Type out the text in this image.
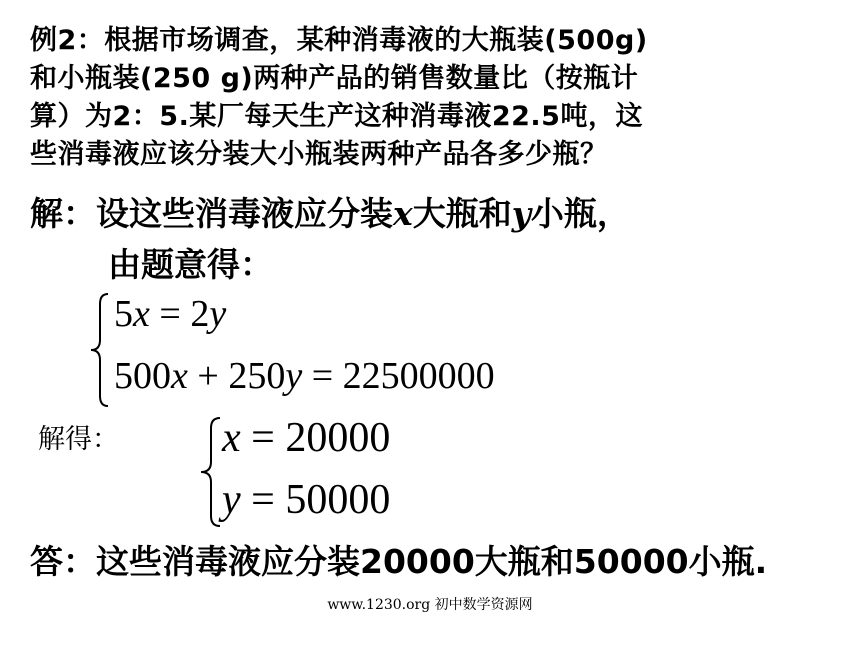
例2：根据市场调查，某种消毒液的大瓶装(500g)
和小瓶装(250 g)两种产品的销售数量比（按瓶计
算）为2：5.某厂每天生产这种消毒液22.5吨，这
些消毒液应该分装大小瓶装两种产品各多少瓶？
解：设这些消毒液应分装x大瓶和y小瓶，
由题意得：
5x = 2y
500x + 250y = 22500000
解得： x = 20000
y = 50000
答：这些消毒液应分装20000大瓶和50000小瓶.
www.1230.org 初中数学资源网
